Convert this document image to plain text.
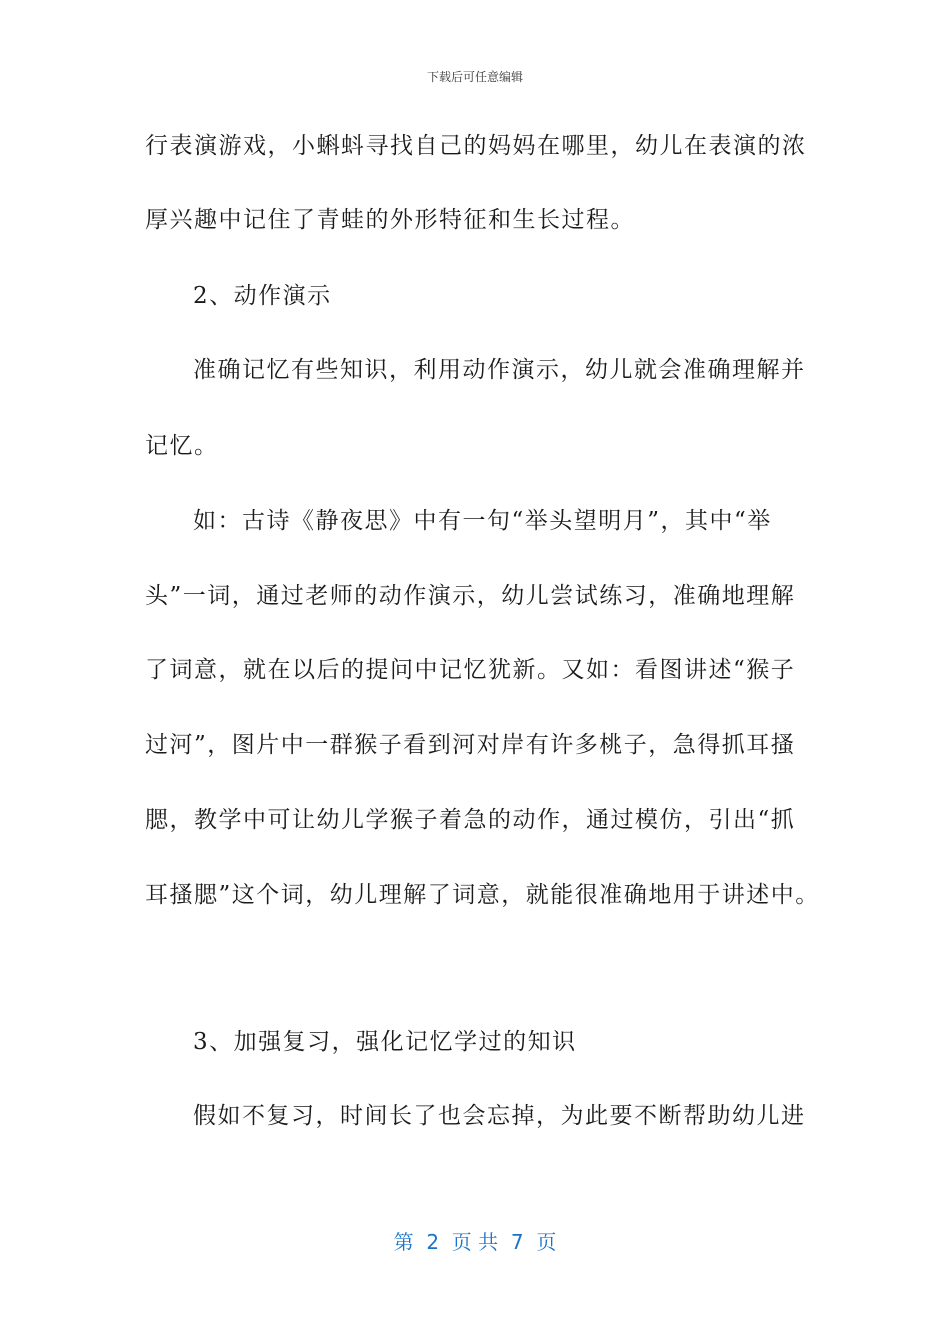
下载后可任意编辑
行表演游戏，小蝌蚪寻找自己的妈妈在哪里，幼儿在表演的浓
厚兴趣中记住了青蛙的外形特征和生长过程。
2、动作演示
准确记忆有些知识，利用动作演示，幼儿就会准确理解并
记忆。
如：古诗《静夜思》中有一句“举头望明月”，其中“举
头”一词，通过老师的动作演示，幼儿尝试练习，准确地理解
了词意，就在以后的提问中记忆犹新。又如：看图讲述“猴子
过河”，图片中一群猴子看到河对岸有许多桃子，急得抓耳搔
腮，教学中可让幼儿学猴子着急的动作，通过模仿，引出“抓
耳搔腮”这个词，幼儿理解了词意，就能很准确地用于讲述中。
3、加强复习，强化记忆学过的知识
假如不复习，时间长了也会忘掉，为此要不断帮助幼儿进
第  2  页 共  7  页
